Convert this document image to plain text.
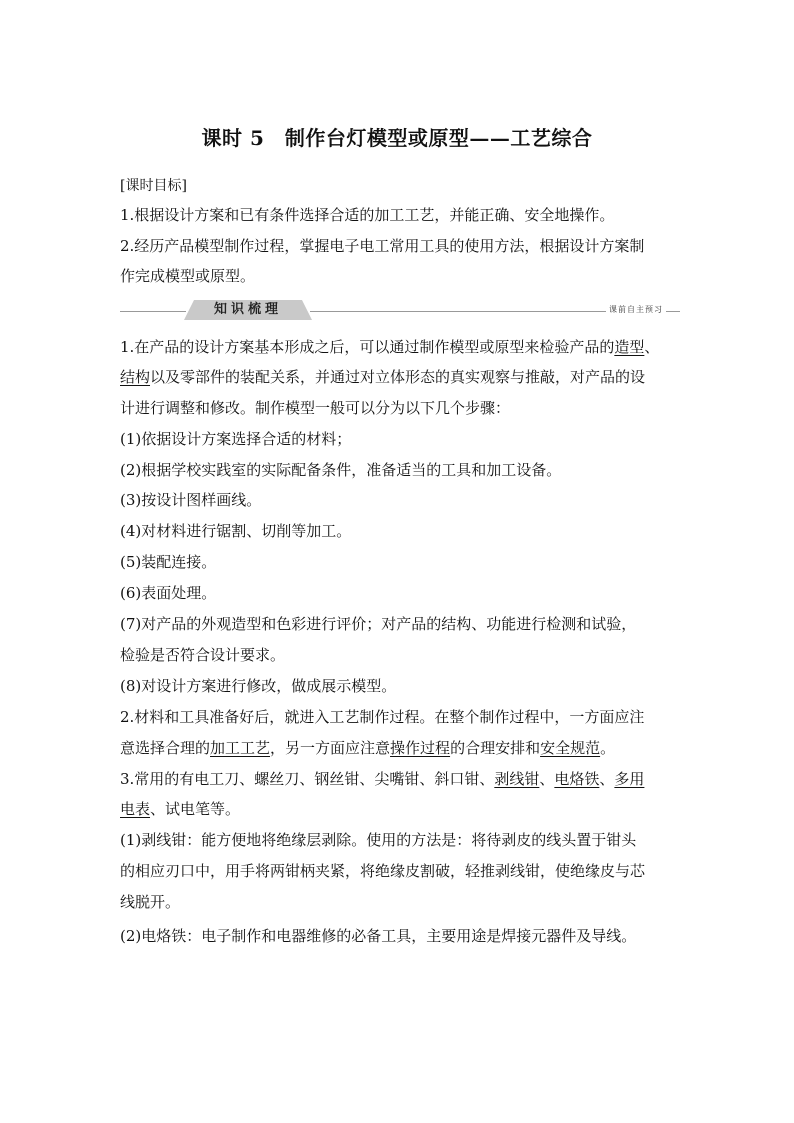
课时 5　制作台灯模型或原型——工艺综合
[课时目标]
1.根据设计方案和已有条件选择合适的加工工艺，并能正确、安全地操作。
2.经历产品模型制作过程，掌握电子电工常用工具的使用方法，根据设计方案制
作完成模型或原型。
知识梳理	课前自主预习
1.在产品的设计方案基本形成之后，可以通过制作模型或原型来检验产品的造型、
结构以及零部件的装配关系，并通过对立体形态的真实观察与推敲，对产品的设
计进行调整和修改。制作模型一般可以分为以下几个步骤：
(1)依据设计方案选择合适的材料；
(2)根据学校实践室的实际配备条件，准备适当的工具和加工设备。
(3)按设计图样画线。
(4)对材料进行锯割、切削等加工。
(5)装配连接。
(6)表面处理。
(7)对产品的外观造型和色彩进行评价；对产品的结构、功能进行检测和试验，
检验是否符合设计要求。
(8)对设计方案进行修改，做成展示模型。
2.材料和工具准备好后，就进入工艺制作过程。在整个制作过程中，一方面应注
意选择合理的加工工艺，另一方面应注意操作过程的合理安排和安全规范。
3.常用的有电工刀、螺丝刀、钢丝钳、尖嘴钳、斜口钳、剥线钳、电烙铁、多用
电表、试电笔等。
(1)剥线钳：能方便地将绝缘层剥除。使用的方法是：将待剥皮的线头置于钳头
的相应刃口中，用手将两钳柄夹紧，将绝缘皮割破，轻推剥线钳，使绝缘皮与芯
线脱开。
(2)电烙铁：电子制作和电器维修的必备工具，主要用途是焊接元器件及导线。
